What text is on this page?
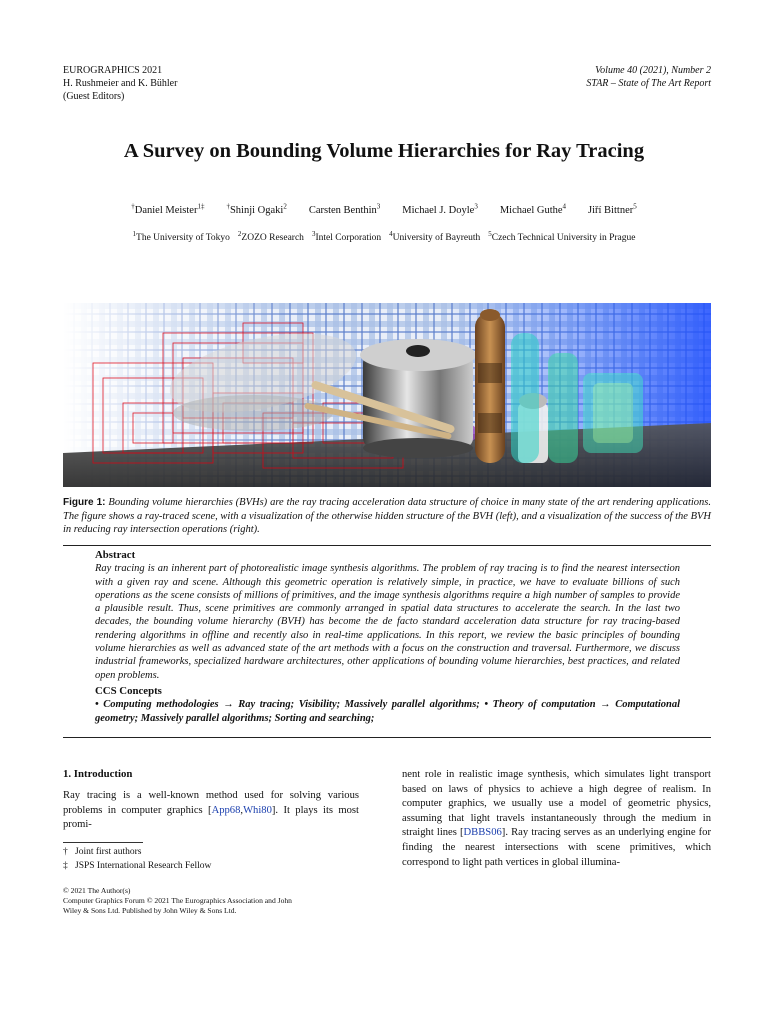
EUROGRAPHICS 2021
H. Rushmeier and K. Bühler
(Guest Editors)
Volume 40 (2021), Number 2
STAR – State of The Art Report
A Survey on Bounding Volume Hierarchies for Ray Tracing
†Daniel Meister$^{1\ddagger}$	†Shinji Ogaki$^2$ Carsten Benthin$^3$ Michael J. Doyle$^3$ Michael Guthe$^4$ Jiří Bittner$^5$
$^1$The University of Tokyo $^2$ZOZO Research $^3$Intel Corporation $^4$University of Bayreuth $^5$Czech Technical University in Prague
Figure 1: Bounding volume hierarchies (BVHs) are the ray tracing acceleration data structure of choice in many state of the art rendering applications. The figure shows a ray-traced scene, with a visualization of the otherwise hidden structure of the BVH (left), and a visualization of the success of the BVH in reducing ray intersection operations (right).
Abstract
Ray tracing is an inherent part of photorealistic image synthesis algorithms. The problem of ray tracing is to find the nearest intersection with a given ray and scene. Although this geometric operation is relatively simple, in practice, we have to evaluate billions of such operations as the scene consists of millions of primitives, and the image synthesis algorithms require a high number of samples to provide a plausible result. Thus, scene primitives are commonly arranged in spatial data structures to accelerate the search. In the last two decades, the bounding volume hierarchy (BVH) has become the de facto standard acceleration data structure for ray tracing-based rendering algorithms in offline and recently also in real-time applications. In this report, we review the basic principles of bounding volume hierarchies as well as advanced state of the art methods with a focus on the construction and traversal. Furthermore, we discuss industrial frameworks, specialized hardware architectures, other applications of bounding volume hierarchies, best practices, and related open problems.
CCS Concepts
• Computing methodologies → Ray tracing; Visibility; Massively parallel algorithms; • Theory of computation → Computational geometry; Massively parallel algorithms; Sorting and searching;
1. Introduction
Ray tracing is a well-known method used for solving various problems in computer graphics [App68,Whi80]. It plays its most promi-
nent role in realistic image synthesis, which simulates light transport based on laws of physics to achieve a high degree of realism. In computer graphics, we usually use a model of geometric physics, assuming that light travels instantaneously through the medium in straight lines [DBBS06]. Ray tracing serves as an underlying engine for finding the nearest intersections with scene primitives, which correspond to light path vertices in global illumina-
† Joint first authors
‡ JSPS International Research Fellow
© 2021 The Author(s)
Computer Graphics Forum © 2021 The Eurographics Association and John
Wiley & Sons Ltd. Published by John Wiley & Sons Ltd.
